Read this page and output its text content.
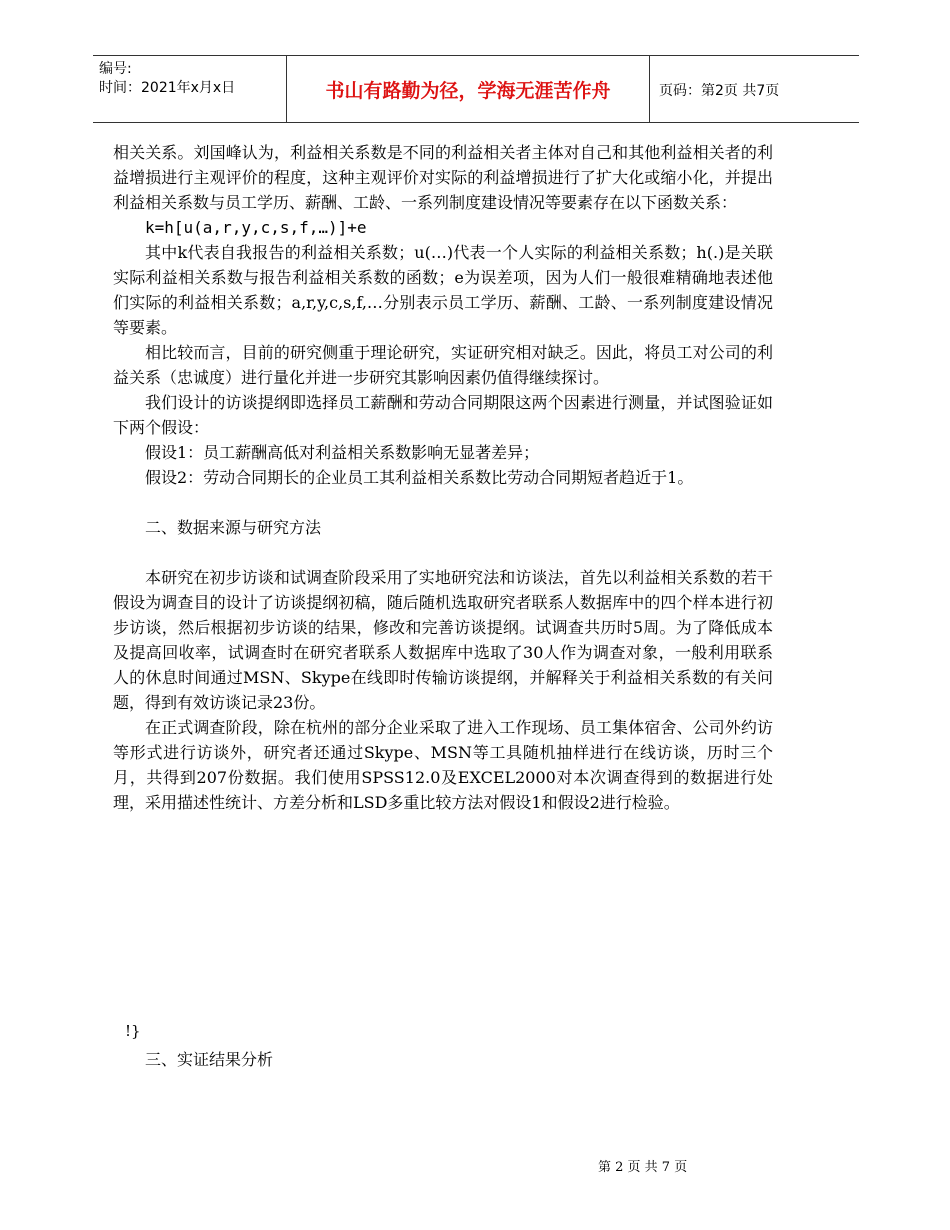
编号:
时间：2021年x月x日	书山有路勤为径，学海无涯苦作舟	页码：第2页 共7页

相关关系。刘国峰认为，利益相关系数是不同的利益相关者主体对自己和其他利益相关者的利益增损进行主观评价的程度，这种主观评价对实际的利益增损进行了扩大化或缩小化，并提出利益相关系数与员工学历、薪酬、工龄、一系列制度建设情况等要素存在以下函数关系：

k=h[u(a,r,y,c,s,f,…)]+e

其中k代表自我报告的利益相关系数；u(…)代表一个人实际的利益相关系数；h(.)是关联实际利益相关系数与报告利益相关系数的函数；e为误差项，因为人们一般很难精确地表述他们实际的利益相关系数；a,r,y,c,s,f,…分别表示员工学历、薪酬、工龄、一系列制度建设情况等要素。

相比较而言，目前的研究侧重于理论研究，实证研究相对缺乏。因此，将员工对公司的利益关系（忠诚度）进行量化并进一步研究其影响因素仍值得继续探讨。

我们设计的访谈提纲即选择员工薪酬和劳动合同期限这两个因素进行测量，并试图验证如下两个假设：

假设1：员工薪酬高低对利益相关系数影响无显著差异；

假设2：劳动合同期长的企业员工其利益相关系数比劳动合同期短者趋近于1。

二、数据来源与研究方法

本研究在初步访谈和试调查阶段采用了实地研究法和访谈法，首先以利益相关系数的若干假设为调查目的设计了访谈提纲初稿，随后随机选取研究者联系人数据库中的四个样本进行初步访谈，然后根据初步访谈的结果，修改和完善访谈提纲。试调查共历时5周。为了降低成本及提高回收率，试调查时在研究者联系人数据库中选取了30人作为调查对象，一般利用联系人的休息时间通过MSN、Skype在线即时传输访谈提纲，并解释关于利益相关系数的有关问题，得到有效访谈记录23份。

在正式调查阶段，除在杭州的部分企业采取了进入工作现场、员工集体宿舍、公司外约访等形式进行访谈外，研究者还通过Skype、MSN等工具随机抽样进行在线访谈，历时三个月，共得到207份数据。我们使用SPSS12.0及EXCEL2000对本次调查得到的数据进行处理，采用描述性统计、方差分析和LSD多重比较方法对假设1和假设2进行检验。

!}
三、实证结果分析
第 2 页 共 7 页
